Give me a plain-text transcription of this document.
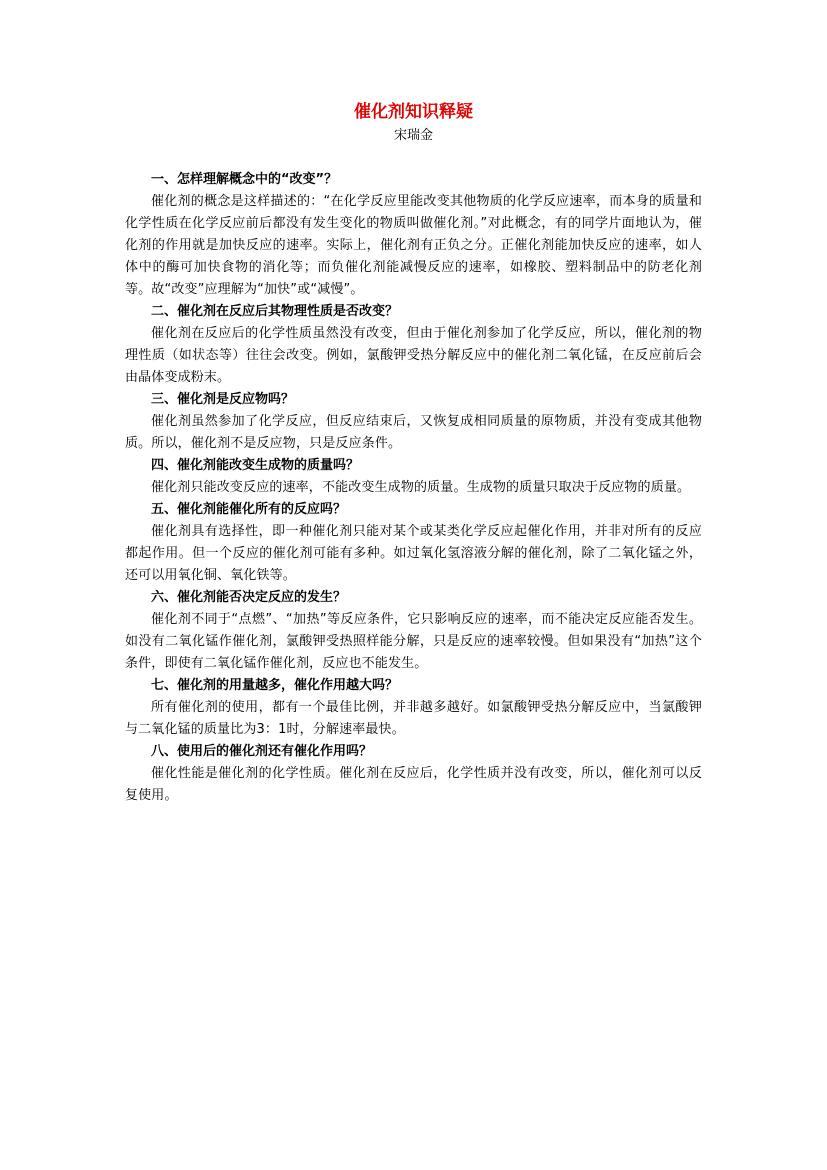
催化剂知识释疑

宋瑞金

一、怎样理解概念中的“改变”？

催化剂的概念是这样描述的：“在化学反应里能改变其他物质的化学反应速率，而本身的质量和化学性质在化学反应前后都没有发生变化的物质叫做催化剂。”对此概念，有的同学片面地认为，催化剂的作用就是加快反应的速率。实际上，催化剂有正负之分。正催化剂能加快反应的速率，如人体中的酶可加快食物的消化等；而负催化剂能减慢反应的速率，如橡胶、塑料制品中的防老化剂等。故“改变”应理解为“加快”或“减慢”。

二、催化剂在反应后其物理性质是否改变？

催化剂在反应后的化学性质虽然没有改变，但由于催化剂参加了化学反应，所以，催化剂的物理性质（如状态等）往往会改变。例如，氯酸钾受热分解反应中的催化剂二氧化锰，在反应前后会由晶体变成粉末。

三、催化剂是反应物吗？

催化剂虽然参加了化学反应，但反应结束后，又恢复成相同质量的原物质，并没有变成其他物质。所以，催化剂不是反应物，只是反应条件。

四、催化剂能改变生成物的质量吗？

催化剂只能改变反应的速率，不能改变生成物的质量。生成物的质量只取决于反应物的质量。

五、催化剂能催化所有的反应吗？

催化剂具有选择性，即一种催化剂只能对某个或某类化学反应起催化作用，并非对所有的反应都起作用。但一个反应的催化剂可能有多种。如过氧化氢溶液分解的催化剂，除了二氧化锰之外，还可以用氧化铜、氧化铁等。

六、催化剂能否决定反应的发生？

催化剂不同于“点燃”、“加热”等反应条件，它只影响反应的速率，而不能决定反应能否发生。如没有二氧化锰作催化剂，氯酸钾受热照样能分解，只是反应的速率较慢。但如果没有“加热”这个条件，即使有二氧化锰作催化剂，反应也不能发生。

七、催化剂的用量越多，催化作用越大吗？

所有催化剂的使用，都有一个最佳比例，并非越多越好。如氯酸钾受热分解反应中，当氯酸钾与二氧化锰的质量比为3：1时，分解速率最快。

八、使用后的催化剂还有催化作用吗？

催化性能是催化剂的化学性质。催化剂在反应后，化学性质并没有改变，所以，催化剂可以反复使用。
